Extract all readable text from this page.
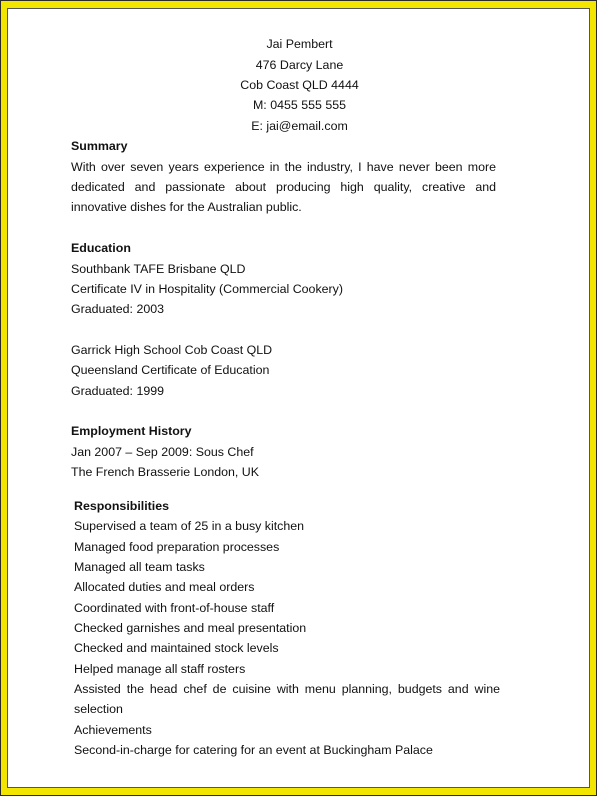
Jai Pembert
476 Darcy Lane
Cob Coast QLD 4444
M: 0455 555 555
E: jai@email.com
Summary
With over seven years experience in the industry, I have never been more dedicated and passionate about producing high quality, creative and innovative dishes for the Australian public.
Education
Southbank TAFE Brisbane QLD
Certificate IV in Hospitality (Commercial Cookery)
Graduated: 2003
Garrick High School Cob Coast QLD
Queensland Certificate of Education
Graduated: 1999
Employment History
Jan 2007 – Sep 2009: Sous Chef
The French Brasserie London, UK
Responsibilities
Supervised a team of 25 in a busy kitchen
Managed food preparation processes
Managed all team tasks
Allocated duties and meal orders
Coordinated with front-of-house staff
Checked garnishes and meal presentation
Checked and maintained stock levels
Helped manage all staff rosters
Assisted the head chef de cuisine with menu planning, budgets and wine selection
Achievements
Second-in-charge for catering for an event at Buckingham Palace
